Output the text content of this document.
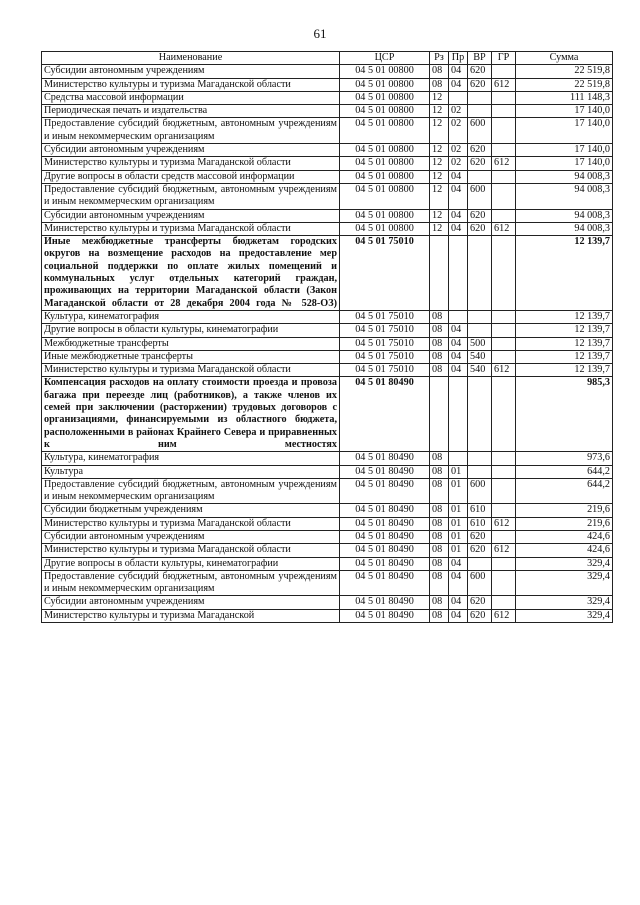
61
Наименование	ЦСР	Рз	Пр	ВР	ГР	Сумма
Субсидии автономным учреждениям	04 5 01 00800	08	04	620		22 519,8
Министерство культуры и туризма Магаданской области	04 5 01 00800	08	04	620	612	22 519,8
Средства массовой информации	04 5 01 00800	12				111 148,3
Периодическая печать и издательства	04 5 01 00800	12	02			17 140,0
Предоставление субсидий бюджетным, автономным учреждениям и иным некоммерческим организациям	04 5 01 00800	12	02	600		17 140,0
Субсидии автономным учреждениям	04 5 01 00800	12	02	620		17 140,0
Министерство культуры и туризма Магаданской области	04 5 01 00800	12	02	620	612	17 140,0
Другие вопросы в области средств массовой информации	04 5 01 00800	12	04			94 008,3
Предоставление субсидий бюджетным, автономным учреждениям и иным некоммерческим организациям	04 5 01 00800	12	04	600		94 008,3
Субсидии автономным учреждениям	04 5 01 00800	12	04	620		94 008,3
Министерство культуры и туризма Магаданской области	04 5 01 00800	12	04	620	612	94 008,3
Иные межбюджетные трансферты бюджетам городских округов на возмещение расходов на предоставление мер социальной поддержки по оплате жилых помещений и коммунальных услуг отдельных категорий граждан, проживающих на территории Магаданской области (Закон Магаданской области от 28 декабря 2004 года № 528-ОЗ)	04 5 01 75010					12 139,7
Культура, кинематография	04 5 01 75010	08				12 139,7
Другие вопросы в области культуры, кинематографии	04 5 01 75010	08	04			12 139,7
Межбюджетные трансферты	04 5 01 75010	08	04	500		12 139,7
Иные межбюджетные трансферты	04 5 01 75010	08	04	540		12 139,7
Министерство культуры и туризма Магаданской области	04 5 01 75010	08	04	540	612	12 139,7
Компенсация расходов на оплату стоимости проезда и провоза багажа при переезде лиц (работников), а также членов их семей при заключении (расторжении) трудовых договоров с организациями, финансируемыми из областного бюджета, расположенными в районах Крайнего Севера и приравненных к ним местностях	04 5 01 80490					985,3
Культура, кинематография	04 5 01 80490	08				973,6
Культура	04 5 01 80490	08	01			644,2
Предоставление субсидий бюджетным, автономным учреждениям и иным некоммерческим организациям	04 5 01 80490	08	01	600		644,2
Субсидии бюджетным учреждениям	04 5 01 80490	08	01	610		219,6
Министерство культуры и туризма Магаданской области	04 5 01 80490	08	01	610	612	219,6
Субсидии автономным учреждениям	04 5 01 80490	08	01	620		424,6
Министерство культуры и туризма Магаданской области	04 5 01 80490	08	01	620	612	424,6
Другие вопросы в области культуры, кинематографии	04 5 01 80490	08	04			329,4
Предоставление субсидий бюджетным, автономным учреждениям и иным некоммерческим организациям	04 5 01 80490	08	04	600		329,4
Субсидии автономным учреждениям	04 5 01 80490	08	04	620		329,4
Министерство культуры и туризма Магаданской	04 5 01 80490	08	04	620	612	329,4
